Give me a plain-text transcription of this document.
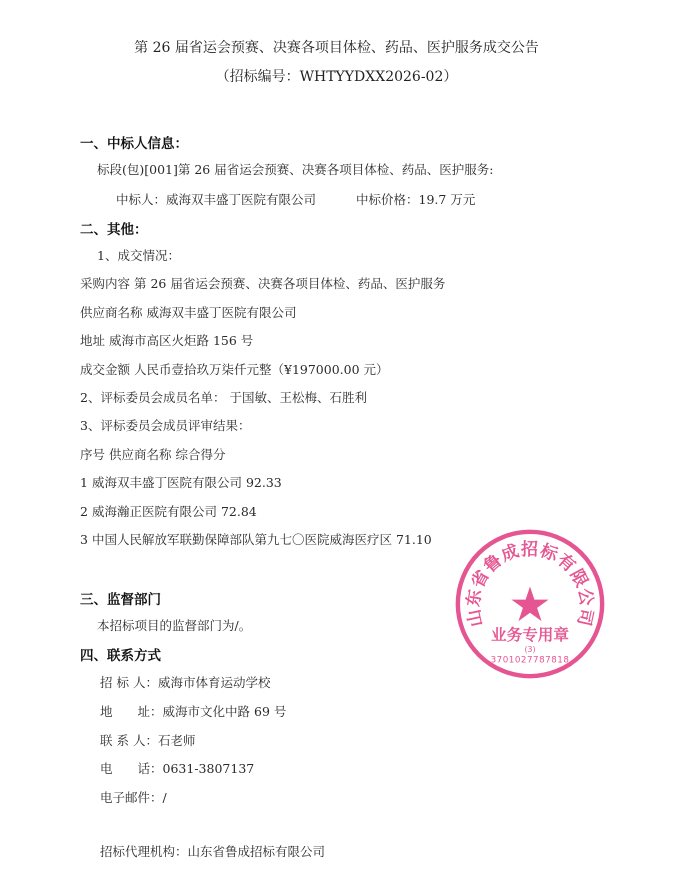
第 26 届省运会预赛、决赛各项目体检、药品、医护服务成交公告
（招标编号：WHTYYDXX2026-02）
一、中标人信息：
标段(包)[001]第 26 届省运会预赛、决赛各项目体检、药品、医护服务:
中标人：威海双丰盛丁医院有限公司	中标价格：19.7 万元
二、其他：
1、成交情况：
采购内容 第 26 届省运会预赛、决赛各项目体检、药品、医护服务
供应商名称 威海双丰盛丁医院有限公司
地址 威海市高区火炬路 156 号
成交金额 人民币壹拾玖万柒仟元整（¥197000.00 元）
2、评标委员会成员名单： 于国敏、王松梅、石胜利
3、评标委员会成员评审结果：
序号 供应商名称 综合得分
1 威海双丰盛丁医院有限公司 92.33
2 威海瀚正医院有限公司 72.84
3 中国人民解放军联勤保障部队第九七〇医院威海医疗区 71.10
三、监督部门
本招标项目的监督部门为/。
四、联系方式
招 标 人：威海市体育运动学校
地　　址：威海市文化中路 69 号
联 系 人：石老师
电　　话：0631-3807137
电子邮件：/
招标代理机构：山东省鲁成招标有限公司
山东省鲁成招标有限公司
业务专用章
(3)
3701027787818
